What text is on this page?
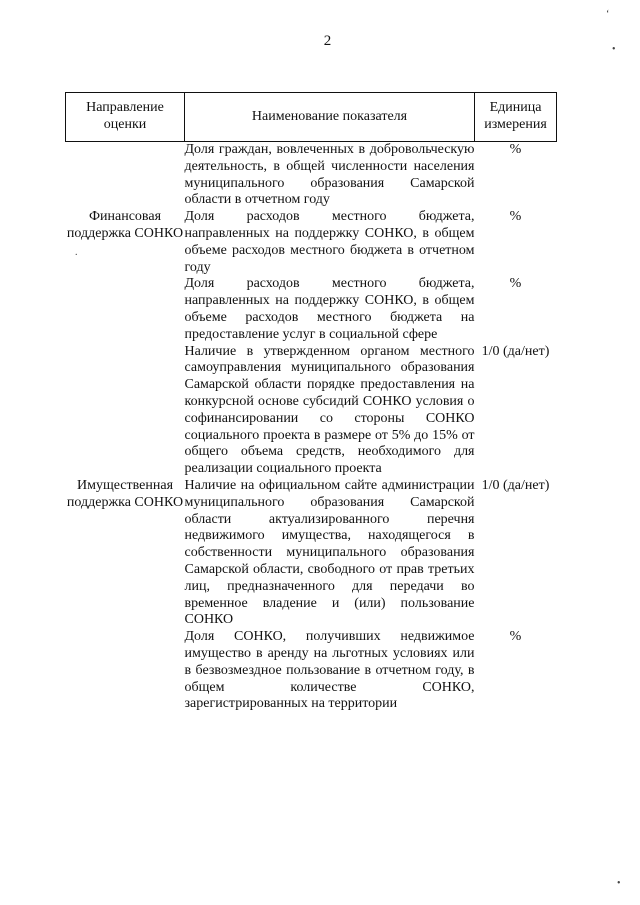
2
‘
•
•
.
Направление оценки	Наименование показателя	Единица измерения
	Доля граждан, вовлеченных в добровольческую деятельность, в общей численности населения муниципального образования Самарской области в отчетном году	%
Финансовая поддержка СОНКО	Доля расходов местного бюджета, направленных на поддержку СОНКО, в общем объеме расходов местного бюджета в отчетном году	%
	Доля расходов местного бюджета, направленных на поддержку СОНКО, в общем объеме расходов местного бюджета на предоставление услуг в социальной сфере	%
	Наличие в утвержденном органом местного самоуправления муниципального образования Самарской области порядке предоставления на конкурсной основе субсидий СОНКО условия о софинансировании со стороны СОНКО социального проекта в размере от 5% до 15% от общего объема средств, необходимого для реализации социального проекта	1/0 (да/нет)
Имущественная поддержка СОНКО	Наличие на официальном сайте администрации муниципального образования Самарской области актуализированного перечня недвижимого имущества, находящегося в собственности муниципального образования Самарской области, свободного от прав третьих лиц, предназначенного для передачи во временное владение и (или) пользование СОНКО	1/0 (да/нет)
	Доля СОНКО, получивших недвижимое имущество в аренду на льготных условиях или в безвозмездное пользование в отчетном году, в общем количестве СОНКО, зарегистрированных на территории	%
